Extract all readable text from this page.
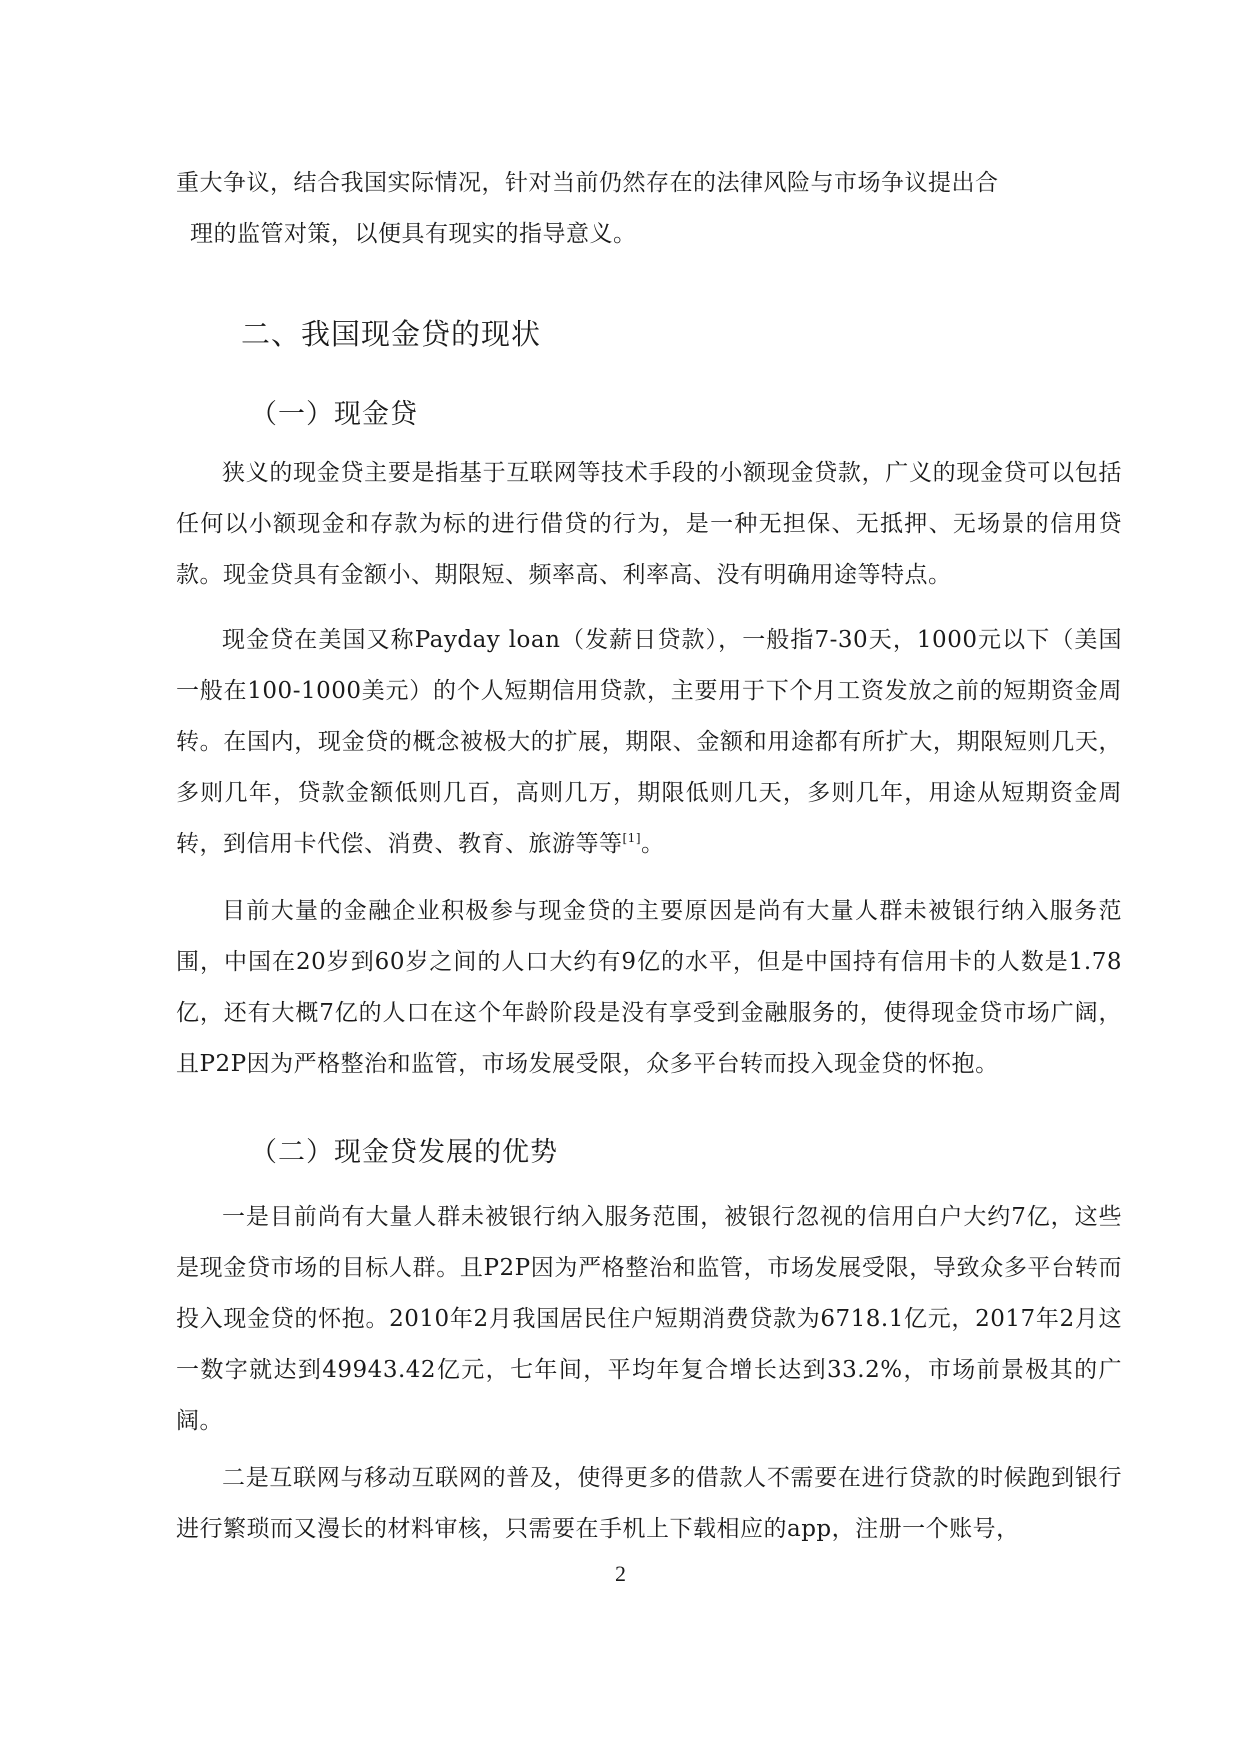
重大争议，结合我国实际情况，针对当前仍然存在的法律风险与市场争议提出合

理的监管对策，以便具有现实的指导意义。

二、我国现金贷的现状
（一）现金贷

狭义的现金贷主要是指基于互联网等技术手段的小额现金贷款，广义的现金贷可以包括任何以小额现金和存款为标的进行借贷的行为，是一种无担保、无抵押、无场景的信用贷款。现金贷具有金额小、期限短、频率高、利率高、没有明确用途等特点。

现金贷在美国又称Payday loan（发薪日贷款），一般指7-30天，1000元以下（美国一般在100-1000美元）的个人短期信用贷款，主要用于下个月工资发放之前的短期资金周转。在国内，现金贷的概念被极大的扩展，期限、金额和用途都有所扩大，期限短则几天，多则几年，贷款金额低则几百，高则几万，期限低则几天，多则几年，用途从短期资金周转，到信用卡代偿、消费、教育、旅游等等[1]。

目前大量的金融企业积极参与现金贷的主要原因是尚有大量人群未被银行纳入服务范围，中国在20岁到60岁之间的人口大约有9亿的水平，但是中国持有信用卡的人数是1.78亿，还有大概7亿的人口在这个年龄阶段是没有享受到金融服务的，使得现金贷市场广阔，且P2P因为严格整治和监管，市场发展受限，众多平台转而投入现金贷的怀抱。

（二）现金贷发展的优势

一是目前尚有大量人群未被银行纳入服务范围，被银行忽视的信用白户大约7亿，这些是现金贷市场的目标人群。且P2P因为严格整治和监管，市场发展受限，导致众多平台转而投入现金贷的怀抱。2010年2月我国居民住户短期消费贷款为6718.1亿元，2017年2月这一数字就达到49943.42亿元，七年间，平均年复合增长达到33.2%，市场前景极其的广阔。

二是互联网与移动互联网的普及，使得更多的借款人不需要在进行贷款的时候跑到银行进行繁琐而又漫长的材料审核，只需要在手机上下载相应的app，注册一个账号，

2
